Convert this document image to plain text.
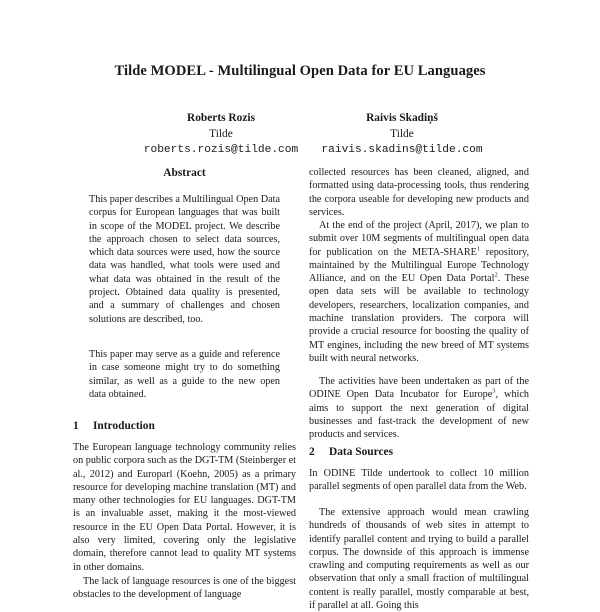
Tilde MODEL - Multilingual Open Data for EU Languages
Roberts Rozis
Tilde
roberts.rozis@tilde.com
Raivis Skadiņš
Tilde
raivis.skadins@tilde.com
Abstract

This paper describes a Multilingual Open Data corpus for European languages that was built in scope of the MODEL project. We describe the approach chosen to select data sources, which data sources were used, how the source data was handled, what tools were used and what data was obtained in the result of the project. Obtained data quality is presented, and a summary of challenges and chosen solutions are described, too.

This paper may serve as a guide and reference in case someone might try to do something similar, as well as a guide to the new open data obtained.

1 Introduction

The European language technology community relies on public corpora such as the DGT-TM (Steinberger et al., 2012) and Europarl (Koehn, 2005) as a primary resource for developing machine translation (MT) and many other technologies for EU languages. DGT-TM is an invaluable asset, making it the most-viewed resource in the EU Open Data Portal. However, it is also very limited, covering only the legislative domain, therefore cannot lead to quality MT systems in other domains.

The lack of language resources is one of the biggest obstacles to the development of language

collected resources has been cleaned, aligned, and formatted using data-processing tools, thus rendering the corpora useable for developing new products and services.

At the end of the project (April, 2017), we plan to submit over 10M segments of multilingual open data for publication on the META-SHARE$^1$ repository, maintained by the Multilingual Europe Technology Alliance, and on the EU Open Data Portal$^2$. These open data sets will be available to technology developers, researchers, localization companies, and machine translation providers. The corpora will provide a crucial resource for boosting the quality of MT engines, including the new breed of MT systems built with neural networks.

The activities have been undertaken as part of the ODINE Open Data Incubator for Europe$^3$, which aims to support the next generation of digital businesses and fast-track the development of new products and services.

2 Data Sources

In ODINE Tilde undertook to collect 10 million parallel segments of open parallel data from the Web.

The extensive approach would mean crawling hundreds of thousands of web sites in attempt to identify parallel content and trying to build a parallel corpus. The downside of this approach is immense crawling and computing requirements as well as our observation that only a small fraction of multilingual content is really parallel, mostly comparable at best, if parallel at all. Going this
